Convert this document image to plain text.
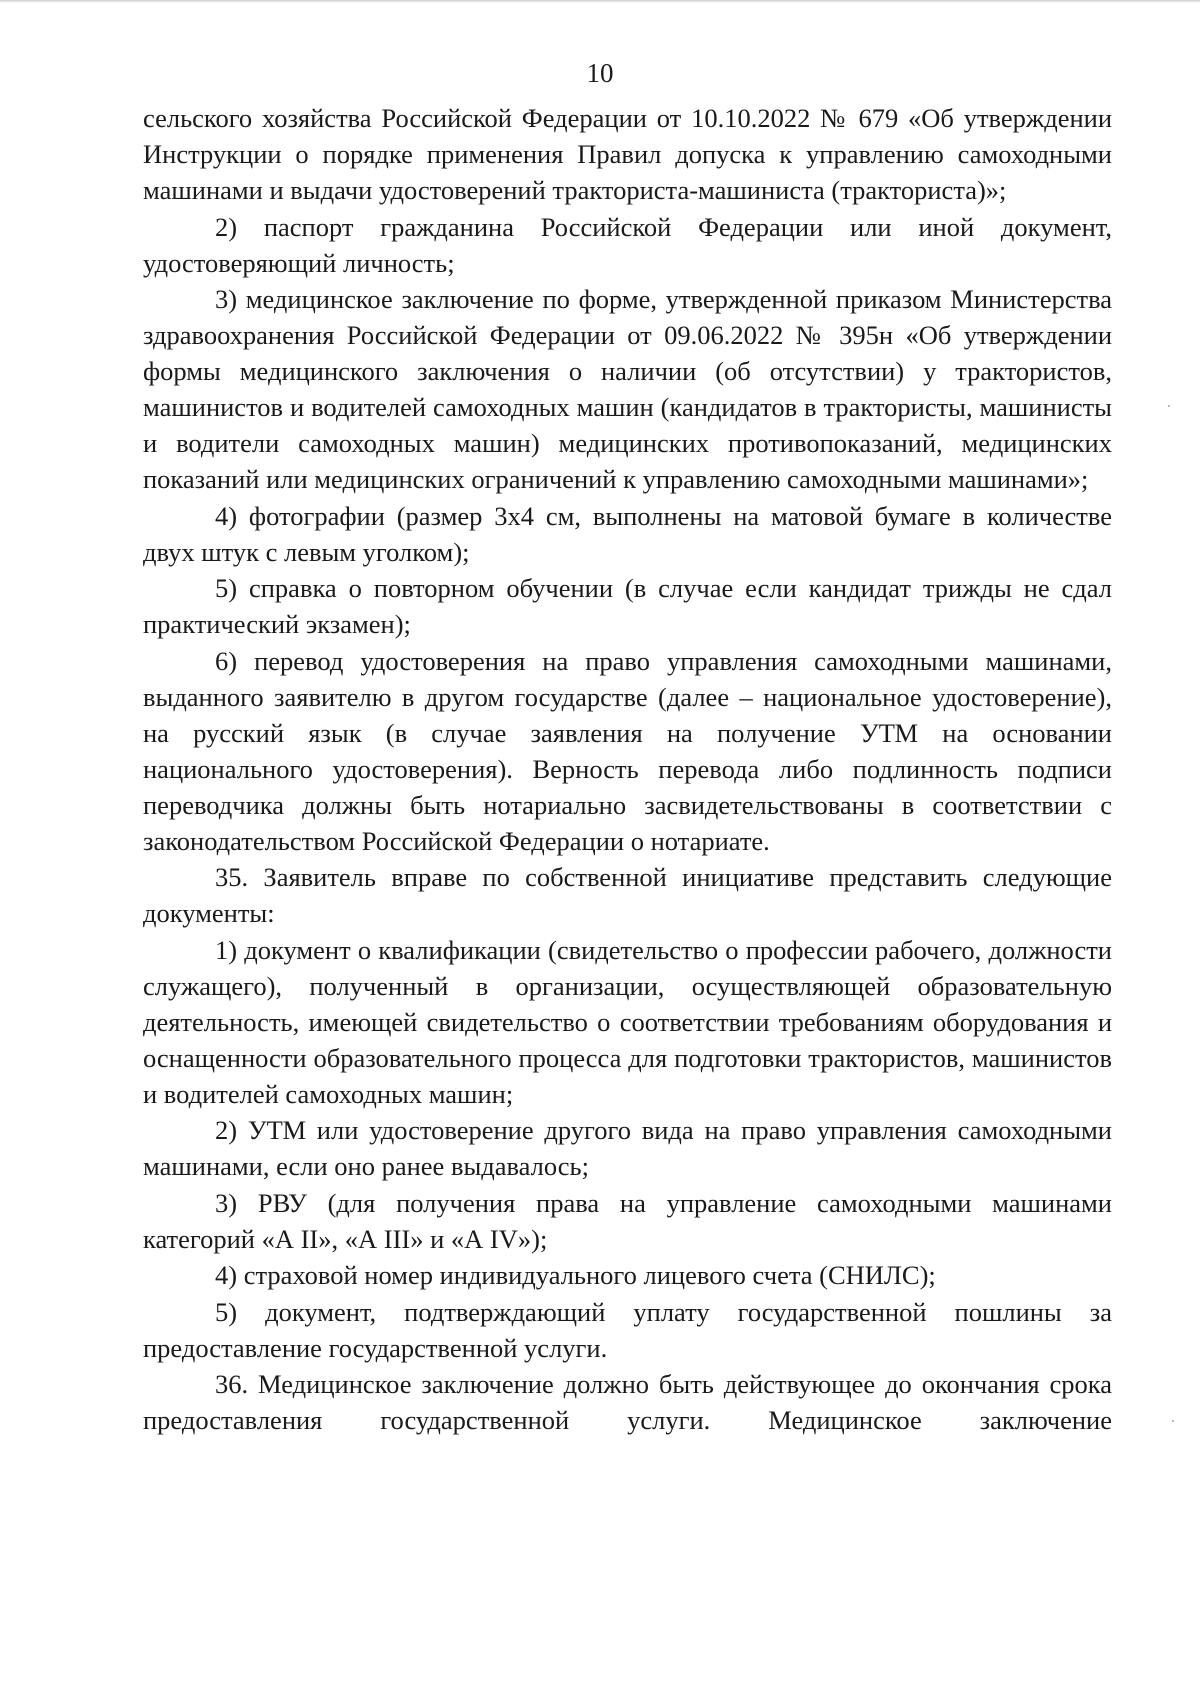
10

сельского хозяйства Российской Федерации от 10.10.2022 № 679 «Об утверждении Инструкции о порядке применения Правил допуска к управлению самоходными машинами и выдачи удостоверений тракториста-машиниста (тракториста)»;

2) паспорт гражданина Российской Федерации или иной документ, удостоверяющий личность;

3) медицинское заключение по форме, утвержденной приказом Министерства здравоохранения Российской Федерации от 09.06.2022 № 395н «Об утверждении формы медицинского заключения о наличии (об отсутствии) у трактористов, машинистов и водителей самоходных машин (кандидатов в трактористы, машинисты и водители самоходных машин) медицинских противопоказаний, медицинских показаний или медицинских ограничений к управлению самоходными машинами»;

4) фотографии (размер 3х4 см, выполнены на матовой бумаге в количестве двух штук с левым уголком);

5) справка о повторном обучении (в случае если кандидат трижды не сдал практический экзамен);

6) перевод удостоверения на право управления самоходными машинами, выданного заявителю в другом государстве (далее – национальное удостоверение), на русский язык (в случае заявления на получение УТМ на основании национального удостоверения). Верность перевода либо подлинность подписи переводчика должны быть нотариально засвидетельствованы в соответствии с законодательством Российской Федерации о нотариате.

35. Заявитель вправе по собственной инициативе представить следующие документы:

1) документ о квалификации (свидетельство о профессии рабочего, должности служащего), полученный в организации, осуществляющей образовательную деятельность, имеющей свидетельство о соответствии требованиям оборудования и оснащенности образовательного процесса для подготовки трактористов, машинистов и водителей самоходных машин;

2) УТМ или удостоверение другого вида на право управления самоходными машинами, если оно ранее выдавалось;

3) РВУ (для получения права на управление самоходными машинами категорий «А II», «А III» и «А IV»);

4) страховой номер индивидуального лицевого счета (СНИЛС);

5) документ, подтверждающий уплату государственной пошлины за предоставление государственной услуги.

36. Медицинское заключение должно быть действующее до окончания срока предоставления государственной услуги. Медицинское заключение
